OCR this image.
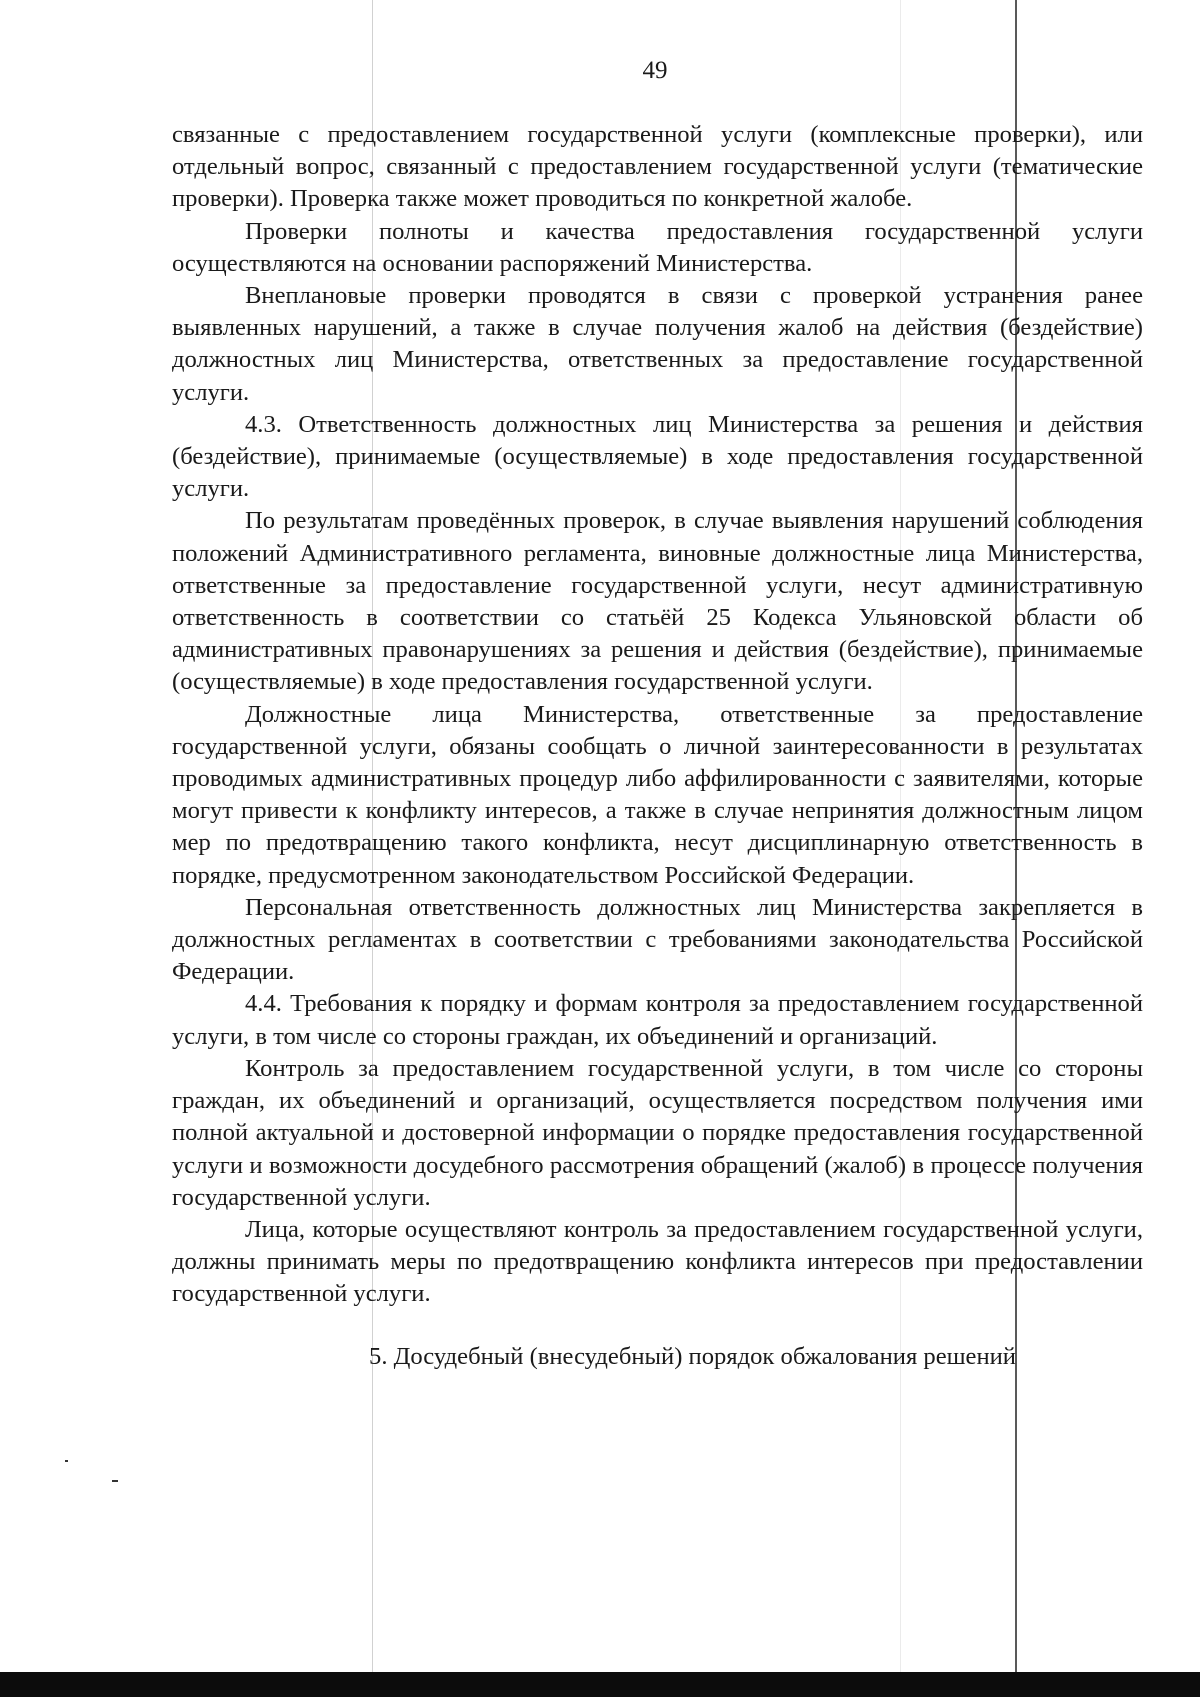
49

связанные с предоставлением государственной услуги (комплексные проверки), или отдельный вопрос, связанный с предоставлением государственной услуги (тематические проверки). Проверка также может проводиться по конкретной жалобе.

Проверки полноты и качества предоставления государственной услуги осуществляются на основании распоряжений Министерства.

Внеплановые проверки проводятся в связи с проверкой устранения ранее выявленных нарушений, а также в случае получения жалоб на действия (бездействие) должностных лиц Министерства, ответственных за предоставление государственной услуги.

4.3. Ответственность должностных лиц Министерства за решения и действия (бездействие), принимаемые (осуществляемые) в ходе предоставления государственной услуги.

По результатам проведённых проверок, в случае выявления нарушений соблюдения положений Административного регламента, виновные должностные лица Министерства, ответственные за предоставление государственной услуги, несут административную ответственность в соответствии со статьёй 25 Кодекса Ульяновской области об административных правонарушениях за решения и действия (бездействие), принимаемые (осуществляемые) в ходе предоставления государственной услуги.

Должностные лица Министерства, ответственные за предоставление государственной услуги, обязаны сообщать о личной заинтересованности в результатах проводимых административных процедур либо аффилированности с заявителями, которые могут привести к конфликту интересов, а также в случае непринятия должностным лицом мер по предотвращению такого конфликта, несут дисциплинарную ответственность в порядке, предусмотренном законодательством Российской Федерации.

Персональная ответственность должностных лиц Министерства закрепляется в должностных регламентах в соответствии с требованиями законодательства Российской Федерации.

4.4. Требования к порядку и формам контроля за предоставлением государственной услуги, в том числе со стороны граждан, их объединений и организаций.

Контроль за предоставлением государственной услуги, в том числе со стороны граждан, их объединений и организаций, осуществляется посредством получения ими полной актуальной и достоверной информации о порядке предоставления государственной услуги и возможности досудебного рассмотрения обращений (жалоб) в процессе получения государственной услуги.

Лица, которые осуществляют контроль за предоставлением государственной услуги, должны принимать меры по предотвращению конфликта интересов при предоставлении государственной услуги.

5. Досудебный (внесудебный) порядок обжалования решений
